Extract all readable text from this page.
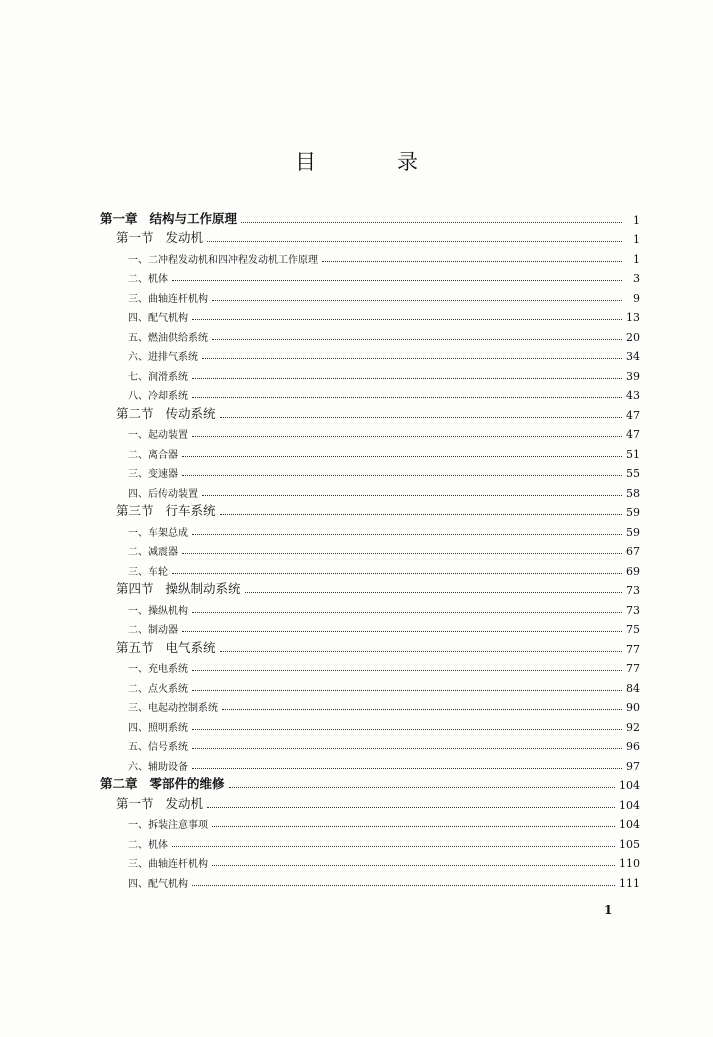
目　录
第一章 结构与工作原理	1
第一节 发动机	1
一、二冲程发动机和四冲程发动机工作原理	1
二、机体	3
三、曲轴连杆机构	9
四、配气机构	13
五、燃油供给系统	20
六、进排气系统	34
七、润滑系统	39
八、冷却系统	43
第二节 传动系统	47
一、起动装置	47
二、离合器	51
三、变速器	55
四、后传动装置	58
第三节 行车系统	59
一、车架总成	59
二、减震器	67
三、车轮	69
第四节 操纵制动系统	73
一、操纵机构	73
二、制动器	75
第五节 电气系统	77
一、充电系统	77
二、点火系统	84
三、电起动控制系统	90
四、照明系统	92
五、信号系统	96
六、辅助设备	97
第二章 零部件的维修	104
第一节 发动机	104
一、拆装注意事项	104
二、机体	105
三、曲轴连杆机构	110
四、配气机构	111
1
